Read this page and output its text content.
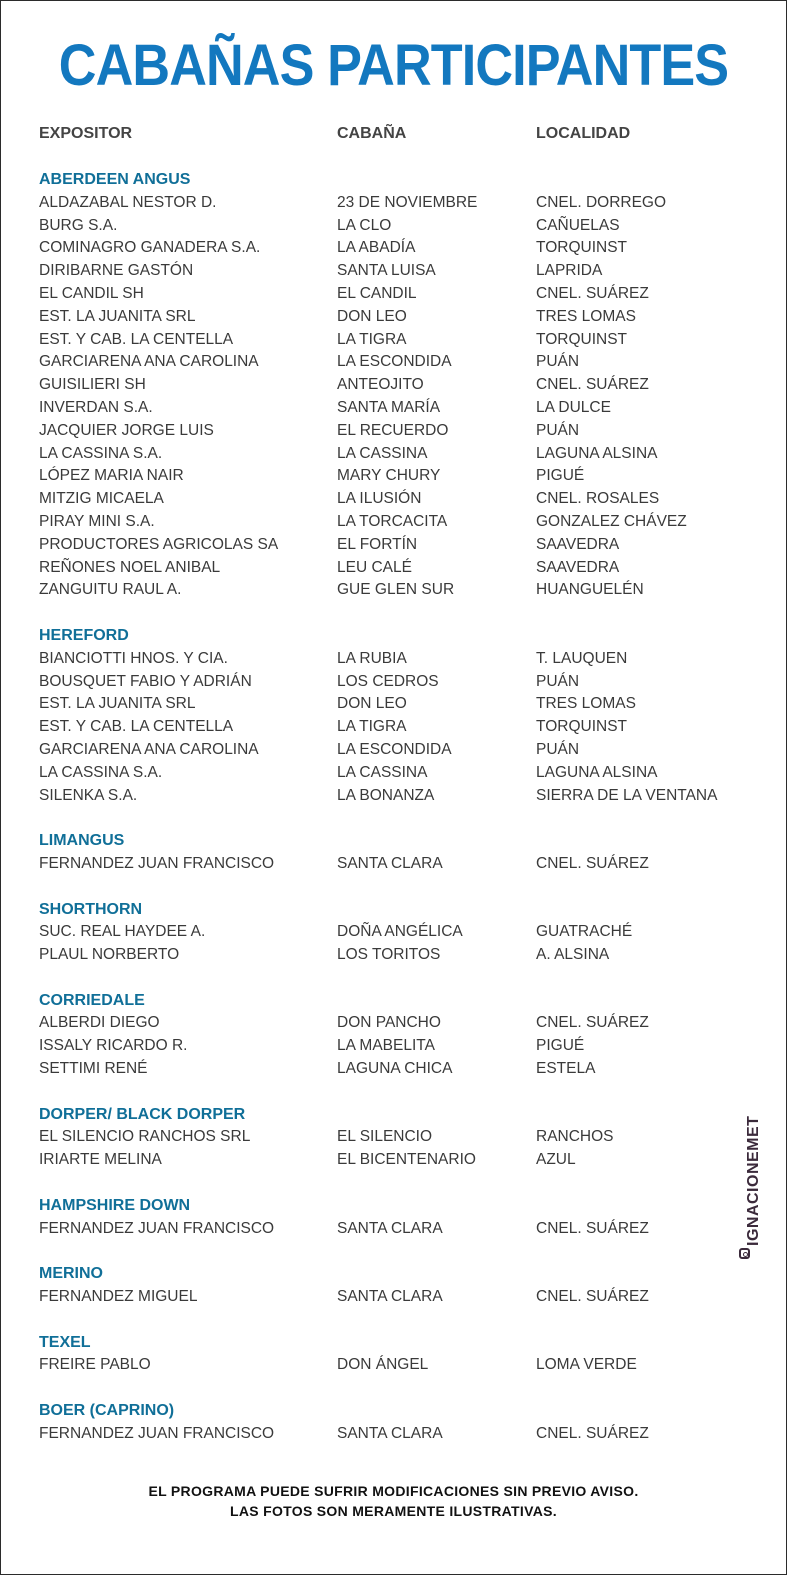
CABAÑAS PARTICIPANTES
EXPOSITOR	CABAÑA	LOCALIDAD
ABERDEEN ANGUS
ALDAZABAL NESTOR D.	23 DE NOVIEMBRE	CNEL. DORREGO
BURG S.A.	LA CLO	CAÑUELAS
COMINAGRO GANADERA S.A.	LA ABADÍA	TORQUINST
DIRIBARNE GASTÓN	SANTA LUISA	LAPRIDA
EL CANDIL SH	EL CANDIL	CNEL. SUÁREZ
EST. LA JUANITA SRL	DON LEO	TRES LOMAS
EST. Y CAB. LA CENTELLA	LA TIGRA	TORQUINST
GARCIARENA ANA CAROLINA	LA ESCONDIDA	PUÁN
GUISILIERI SH	ANTEOJITO	CNEL. SUÁREZ
INVERDAN S.A.	SANTA MARÍA	LA DULCE
JACQUIER JORGE LUIS	EL RECUERDO	PUÁN
LA CASSINA S.A.	LA CASSINA	LAGUNA ALSINA
LÓPEZ MARIA NAIR	MARY CHURY	PIGUÉ
MITZIG MICAELA	LA ILUSIÓN	CNEL. ROSALES
PIRAY MINI S.A.	LA TORCACITA	GONZALEZ CHÁVEZ
PRODUCTORES AGRICOLAS SA	EL FORTÍN	SAAVEDRA
REÑONES NOEL ANIBAL	LEU CALÉ	SAAVEDRA
ZANGUITU RAUL A.	GUE GLEN SUR	HUANGUELÉN
HEREFORD
BIANCIOTTI HNOS. Y CIA.	LA RUBIA	T. LAUQUEN
BOUSQUET FABIO Y ADRIÁN	LOS CEDROS	PUÁN
EST. LA JUANITA SRL	DON LEO	TRES LOMAS
EST. Y CAB. LA CENTELLA	LA TIGRA	TORQUINST
GARCIARENA ANA CAROLINA	LA ESCONDIDA	PUÁN
LA CASSINA S.A.	LA CASSINA	LAGUNA ALSINA
SILENKA S.A.	LA BONANZA	SIERRA DE LA VENTANA
LIMANGUS
FERNANDEZ JUAN FRANCISCO	SANTA CLARA	CNEL. SUÁREZ
SHORTHORN
SUC. REAL HAYDEE A.	DOÑA ANGÉLICA	GUATRACHÉ
PLAUL NORBERTO	LOS TORITOS	A. ALSINA
CORRIEDALE
ALBERDI DIEGO	DON PANCHO	CNEL. SUÁREZ
ISSALY RICARDO R.	LA MABELITA	PIGUÉ
SETTIMI RENÉ	LAGUNA CHICA	ESTELA
DORPER/ BLACK DORPER
EL SILENCIO RANCHOS SRL	EL SILENCIO	RANCHOS
IRIARTE MELINA	EL BICENTENARIO	AZUL
HAMPSHIRE DOWN
FERNANDEZ JUAN FRANCISCO	SANTA CLARA	CNEL. SUÁREZ
MERINO
FERNANDEZ MIGUEL	SANTA CLARA	CNEL. SUÁREZ
TEXEL
FREIRE PABLO	DON ÁNGEL	LOMA VERDE
BOER (CAPRINO)
FERNANDEZ JUAN FRANCISCO	SANTA CLARA	CNEL. SUÁREZ
IGNACIONEMET
EL PROGRAMA PUEDE SUFRIR MODIFICACIONES SIN PREVIO AVISO.
LAS FOTOS SON MERAMENTE ILUSTRATIVAS.
